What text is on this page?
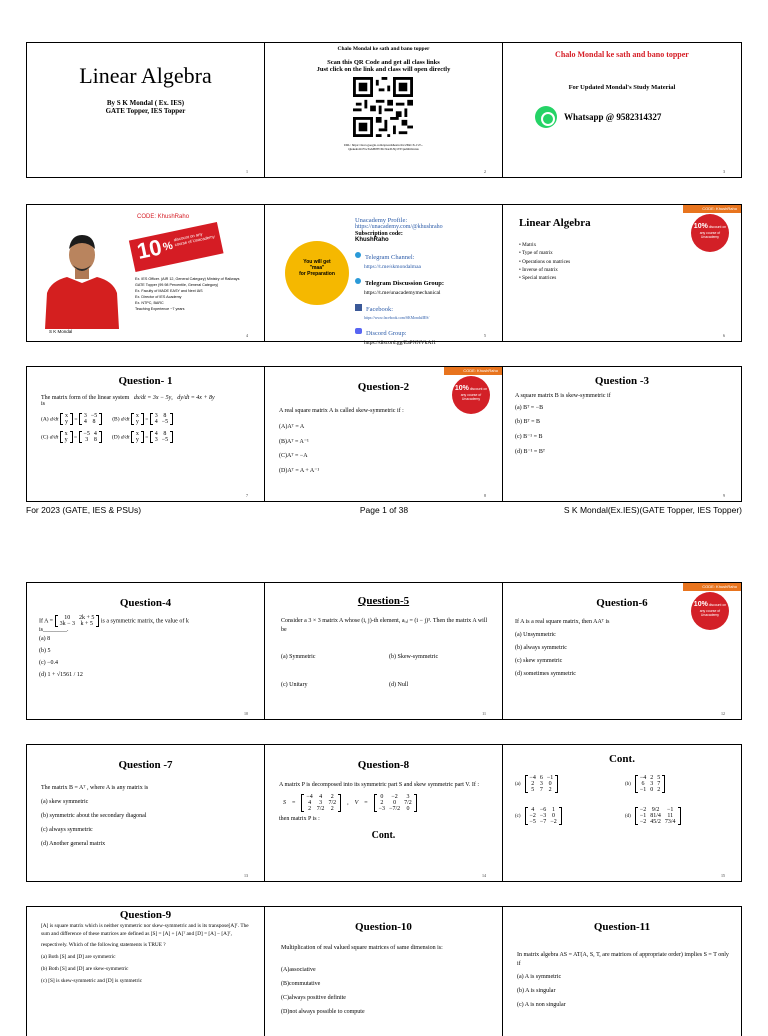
Linear Algebra
By S K Mondal ( Ex. IES)
GATE Topper, IES Topper
1
Chalo Mondal ke sath and bano topper
Scan this QR Code and get all class links
Just click on the link and class will open directly
URL: https://docs.google.com/spreadsheets/d/e/2PACX-1vT...
Quakabdd1Yw3wkBJ8VXb/XsrdU9yrVE/pubhtml.nus
2
Chalo Mondal ke sath and bano topper
For Updated Mondal's Study Material
Whatsapp @ 9582314327
3
CODE: KhushRaho
10
%
discount on any course of Unacademy
Ex. IES Officer. (AIR 12, General Category) Ministry of Railways
GATE Topper (99.98 Percentile, General Category)
Ex. Faculty of MADE EASY and Next IAS
Ex. Director of IES Academy
Ex. NTPC, BARC
Teaching Experience ~7 years
S K Mondal
4
You will get
"maa"
for Preparation
Unacademy Profile:
https://unacademy.com/@khushraho
Subscription code:
KhushRaho
Telegram Channel:
https://t.me/skmondalmaa
Telegram Discussion Group:
https://t.me/unacademymechanical
Facebook:
https://www.facebook.com/SKMondalIES/
Discord Group:
https://discord.gg/EaPNNVkAf1
5
Linear Algebra
• Matrix
• Type of matrix
• Operations on matrices
• Inverse of matrix
• Special matrices
CODE: KhushRaho
10% discount on any course of Unacademy
6
Question- 1
The matrix form of the linear system dx/dt = 3x − 5y, dy/dt = 4x + 8y
is
(A) d/dt
x
y =
3	−5
4	8	(B) d/dt
x
y =
3	8
4	−5
(C) d/dt
x
y =
−5	4
3	8	(D) d/dt
x
y =
4	8
3	−5
7
Question-2
A real square matrix A is called skew-symmetric if :
(A)Aᵀ = A
(B)Aᵀ = A⁻¹
(C)Aᵀ = −A
(D)Aᵀ = A + A⁻¹
CODE: KhushRaho
10% discount on any course of Unacademy
8
Question -3
A square matrix B is skew-symmetric if
(a) Bᵀ = −B
(b) Bᵀ = B
(c) B⁻¹ = B
(d) B⁻¹ = Bᵀ
9
For 2023 (GATE, IES & PSUs)	Page 1 of 38	S K Mondal(Ex.IES)(GATE Topper, IES Topper)
Question-4
If A =
10	2k + 5
3k − 3	k + 5 is a symmetric matrix, the value of k
is________.
(a) 8
(b) 5
(c) −0.4
(d) 1 + √1561 / 12
10
Question-5
Consider a 3 × 3 matrix A whose (i, j)-th element, aᵢ,ⱼ = (i − j)³. Then the matrix A will be
(a) Symmetric	(b) Skew-symmetric
(c) Unitary	(d) Null
11
Question-6
If A is a real square matrix, then AAᵀ is
(a) Unsymmetric
(b) always symmetric
(c) skew symmetric
(d) sometimes symmetric
CODE: KhushRaho
10% discount on any course of Unacademy
12
Question -7
The matrix B = Aᵀ , where A is any matrix is
(a) skew symmetric
(b) symmetric about the secondary diagonal
(c) always symmetric
(d) Another general matrix
13
Question-8
A matrix P is decomposed into its symmetric part S and skew symmetric part V. If :
S =
−4	4	2
4	3	7/2
2	7/2	2
, V =
0	−2	3
2	0	7/2
−3	−7/2	0
then matrix P is :
Cont.
14
Cont.
(a)
−4	6	−1
2	3	0
5	7	2
(b)
−4	2	5
6	3	7
−1	0	2
(c)
4	−6	1
−2	−3	0
−5	−7	−2
(d)
−2	9/2	−1
−1	81/4	11
−2	45/2	73/4
15
Question-9
[A] is square matrix which is neither symmetric nor skew-symmetric and is its transpose[A]ᵀ. The sum and difference of these matrices are defined as [S] = [A] + [A]ᵀ and [D] = [A] − [A]ᵀ,
respectively. Which of the following statements is TRUE ?
(a) Both [S] and [D] are symmetric
(b) Both [S] and [D] are skew-symmetric
(c) [S] is skew-symmetric and [D] is symmetric
Question-10
Multiplication of real valued square matrices of same dimension is:
(A)associative
(B)commutative
(C)always positive definite
(D)not always possible to compute
Question-11
In matrix algebra AS = AT(A, S, T, are matrices of appropriate order) implies S = T only if
(a) A is symmetric
(b) A is singular
(c) A is non singular
